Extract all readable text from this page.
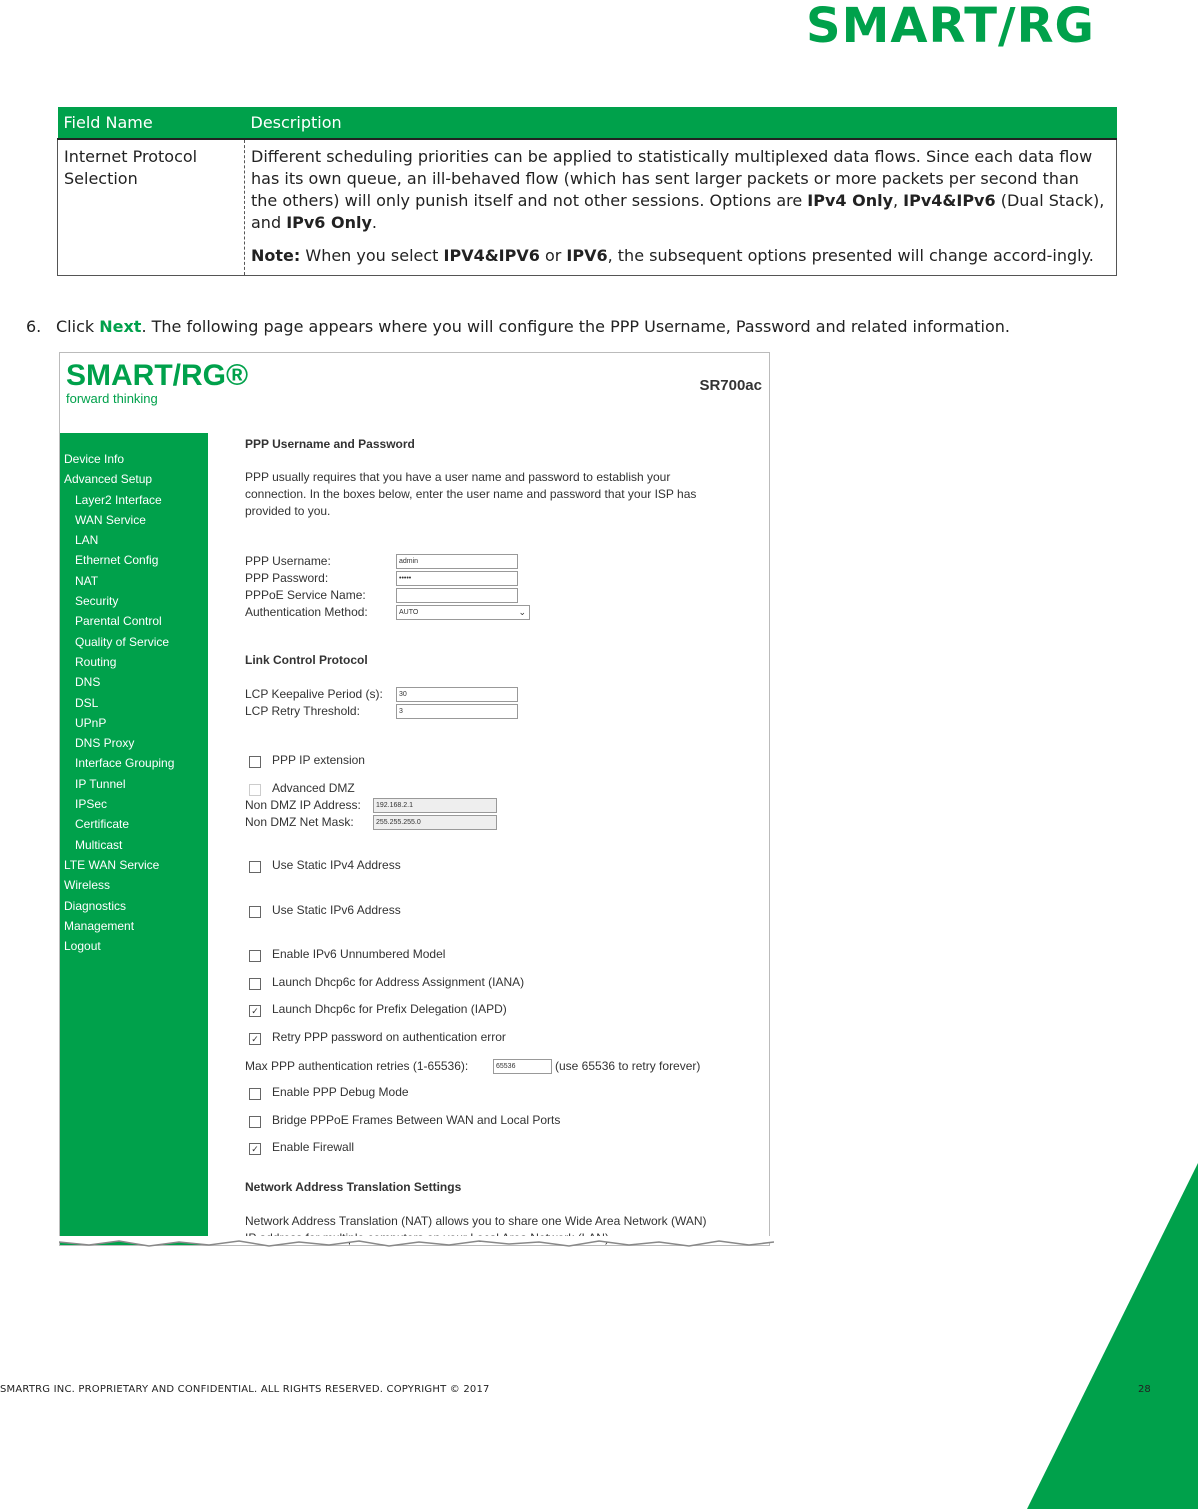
SMART/RG
Field Name	Description
Internet Protocol Selection	Different scheduling priorities can be applied to statistically multiplexed data flows. Since each data flow has its own queue, an ill-behaved flow (which has sent larger packets or more packets per second than the others) will only punish itself and not other sessions. Options are IPv4 Only, IPv4&IPv6 (Dual Stack), and IPv6 Only.
Note: When you select IPV4&IPV6 or IPV6, the subsequent options presented will change accord-ingly.
6. Click Next. The following page appears where you will configure the PPP Username, Password and related information.
SMART/RG®
forward thinking
SR700ac
Device Info
Advanced Setup
Layer2 Interface
WAN Service
LAN
Ethernet Config
NAT
Security
Parental Control
Quality of Service
Routing
DNS
DSL
UPnP
DNS Proxy
Interface Grouping
IP Tunnel
IPSec
Certificate
Multicast
LTE WAN Service
Wireless
Diagnostics
Management
Logout
PPP Username and Password
PPP usually requires that you have a user name and password to establish your connection. In the boxes below, enter the user name and password that your ISP has provided to you.
PPP Username:	admin
PPP Password:	•••••
PPPoE Service Name:
Authentication Method:	AUTO	⌄
Link Control Protocol
LCP Keepalive Period (s):	30
LCP Retry Threshold:	3
PPP IP extension
Advanced DMZ
Non DMZ IP Address:	192.168.2.1
Non DMZ Net Mask:	255.255.255.0
Use Static IPv4 Address
Use Static IPv6 Address
Enable IPv6 Unnumbered Model
Launch Dhcp6c for Address Assignment (IANA)
✓ Launch Dhcp6c for Prefix Delegation (IAPD)
✓ Retry PPP password on authentication error
Max PPP authentication retries (1-65536):	65536	(use 65536 to retry forever)
Enable PPP Debug Mode
Bridge PPPoE Frames Between WAN and Local Ports
✓ Enable Firewall
Network Address Translation Settings
Network Address Translation (NAT) allows you to share one Wide Area Network (WAN)
SMARTRG INC. PROPRIETARY AND CONFIDENTIAL. ALL RIGHTS RESERVED. COPYRIGHT © 2017	28
